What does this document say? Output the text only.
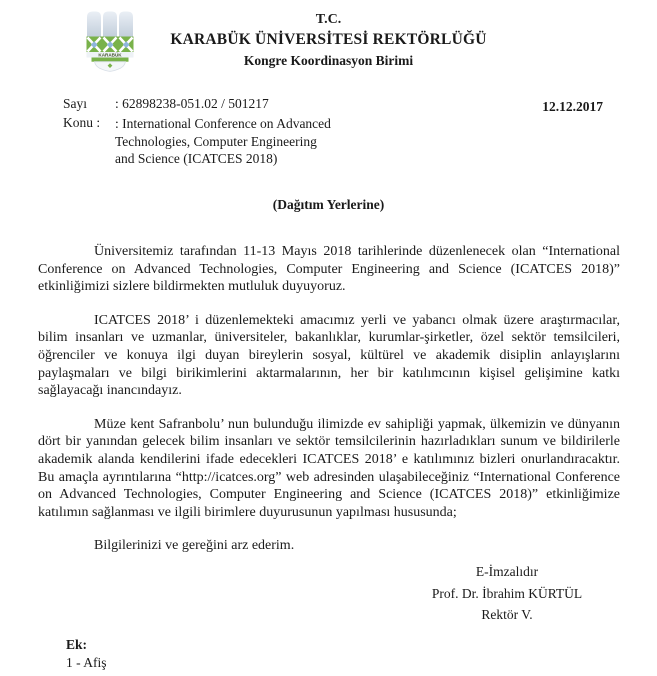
KARABÜK
T.C.
KARABÜK ÜNİVERSİTESİ REKTÖRLÜĞÜ
Kongre Koordinasyon Birimi
Sayı	: 62898238-051.02 / 501217
Konu :	: International Conference on Advanced
Technologies, Computer Engineering
and Science (ICATCES 2018)
12.12.2017
(Dağıtım Yerlerine)

Üniversitemiz tarafından 11-13 Mayıs 2018 tarihlerinde düzenlenecek olan “International Conference on Advanced Technologies, Computer Engineering and Science (ICATCES 2018)” etkinliğimizi sizlere bildirmekten mutluluk duyuyoruz.

ICATCES 2018’ i düzenlemekteki amacımız yerli ve yabancı olmak üzere araştırmacılar, bilim insanları ve uzmanlar, üniversiteler, bakanlıklar, kurumlar-şirketler, özel sektör temsilcileri, öğrenciler ve konuya ilgi duyan bireylerin sosyal, kültürel ve akademik disiplin anlayışlarını paylaşmaları ve bilgi birikimlerini aktarmalarının, her bir katılımcının kişisel gelişimine katkı sağlayacağı inancındayız.

Müze kent Safranbolu’ nun bulunduğu ilimizde ev sahipliği yapmak, ülkemizin ve dünyanın dört bir yanından gelecek bilim insanları ve sektör temsilcilerinin hazırladıkları sunum ve bildirilerle akademik alanda kendilerini ifade edecekleri ICATCES 2018’ e katılımınız bizleri onurlandıracaktır. Bu amaçla ayrıntılarına “http://icatces.org” web adresinden ulaşabileceğiniz “International Conference on Advanced Technologies, Computer Engineering and Science (ICATCES 2018)” etkinliğimize katılımın sağlanması ve ilgili birimlere duyurusunun yapılması hususunda;

Bilgilerinizi ve gereğini arz ederim.
E-İmzalıdır
Prof. Dr. İbrahim KÜRTÜL
Rektör V.
Ek:
1 - Afiş
